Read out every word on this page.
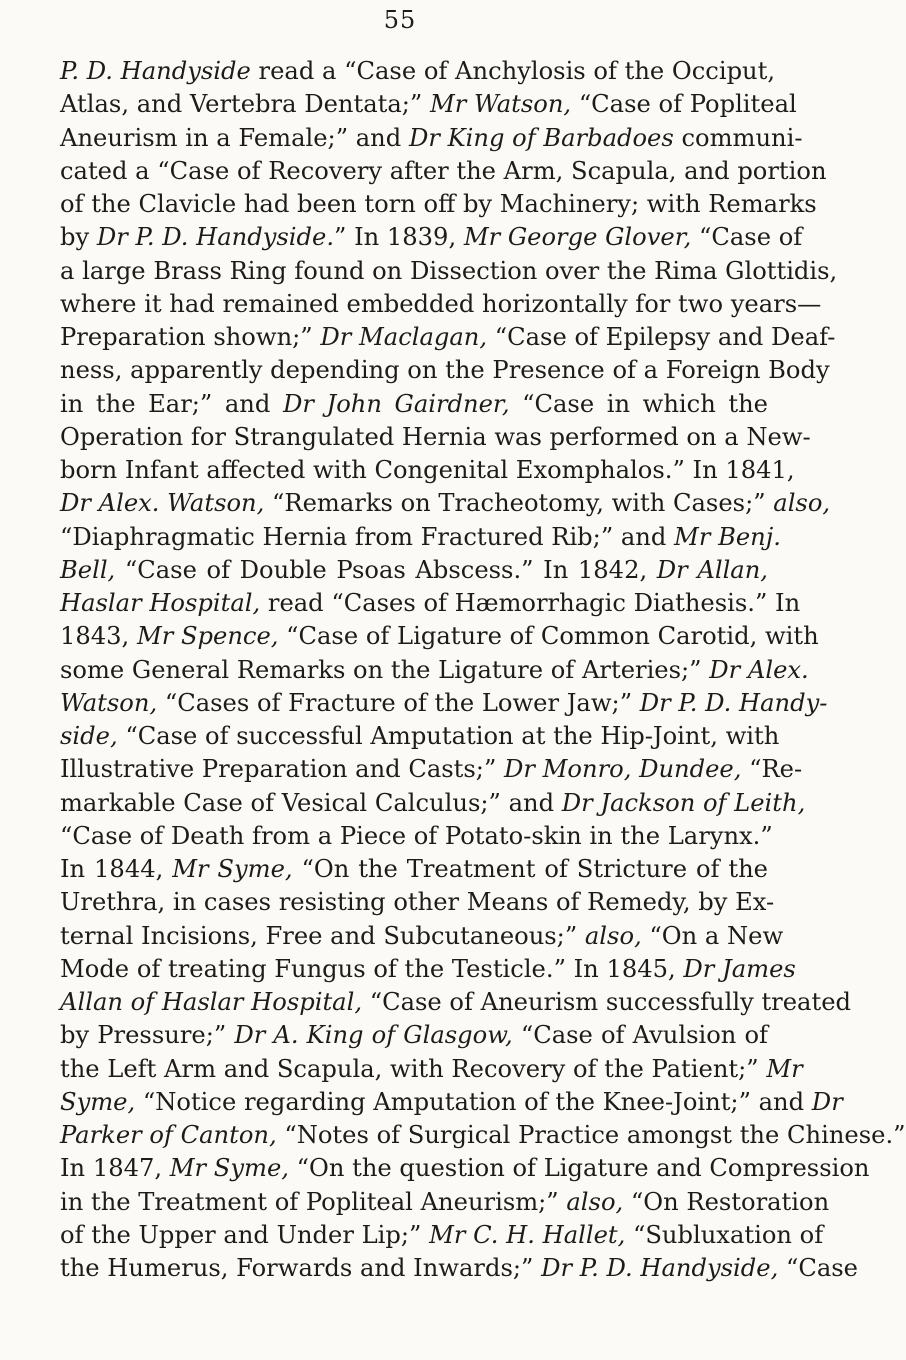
55
P. D. Handyside read a “Case of Anchylosis of the Occiput,
Atlas, and Vertebra Dentata;” Mr Watson, “Case of Popliteal
Aneurism in a Female;” and Dr King of Barbadoes communi-
cated a “Case of Recovery after the Arm, Scapula, and portion
of the Clavicle had been torn off by Machinery; with Remarks
by Dr P. D. Handyside.” In 1839, Mr George Glover, “Case of
a large Brass Ring found on Dissection over the Rima Glottidis,
where it had remained embedded horizontally for two years—
Preparation shown;” Dr Maclagan, “Case of Epilepsy and Deaf-
ness, apparently depending on the Presence of a Foreign Body
in the Ear;” and Dr John Gairdner, “Case in which the
Operation for Strangulated Hernia was performed on a New-
born Infant affected with Congenital Exomphalos.” In 1841,
Dr Alex. Watson, “Remarks on Tracheotomy, with Cases;” also,
“Diaphragmatic Hernia from Fractured Rib;” and Mr Benj.
Bell, “Case of Double Psoas Abscess.” In 1842, Dr Allan,
Haslar Hospital, read “Cases of Hæmorrhagic Diathesis.” In
1843, Mr Spence, “Case of Ligature of Common Carotid, with
some General Remarks on the Ligature of Arteries;” Dr Alex.
Watson, “Cases of Fracture of the Lower Jaw;” Dr P. D. Handy-
side, “Case of successful Amputation at the Hip-Joint, with
Illustrative Preparation and Casts;” Dr Monro, Dundee, “Re-
markable Case of Vesical Calculus;” and Dr Jackson of Leith,
“Case of Death from a Piece of Potato-skin in the Larynx.”
In 1844, Mr Syme, “On the Treatment of Stricture of the
Urethra, in cases resisting other Means of Remedy, by Ex-
ternal Incisions, Free and Subcutaneous;” also, “On a New
Mode of treating Fungus of the Testicle.” In 1845, Dr James
Allan of Haslar Hospital, “Case of Aneurism successfully treated
by Pressure;” Dr A. King of Glasgow, “Case of Avulsion of
the Left Arm and Scapula, with Recovery of the Patient;” Mr
Syme, “Notice regarding Amputation of the Knee-Joint;” and Dr
Parker of Canton, “Notes of Surgical Practice amongst the Chinese.”
In 1847, Mr Syme, “On the question of Ligature and Compression
in the Treatment of Popliteal Aneurism;” also, “On Restoration
of the Upper and Under Lip;” Mr C. H. Hallet, “Subluxation of
the Humerus, Forwards and Inwards;” Dr P. D. Handyside, “Case
